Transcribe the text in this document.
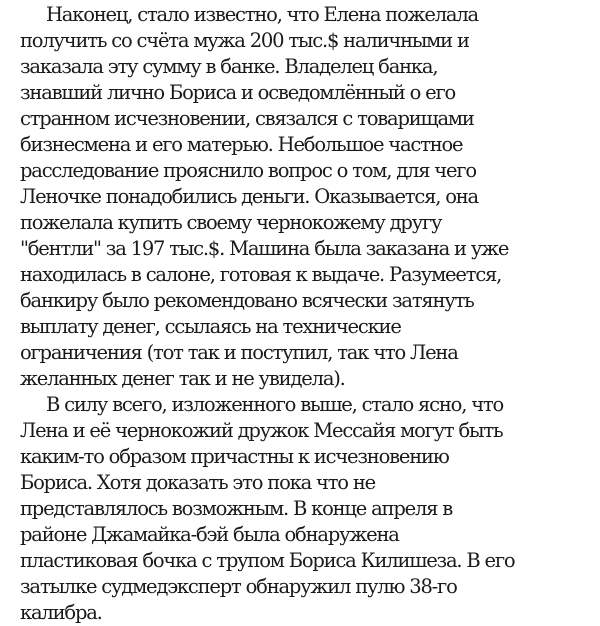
Наконец, стало известно, что Елена пожелала
получить со счёта мужа 200 тыс.$ наличными и
заказала эту сумму в банке. Владелец банка,
знавший лично Бориса и осведомлённый о его
странном исчезновении, связался с товарищами
бизнесмена и его матерью. Небольшое частное
расследование прояснило вопрос о том, для чего
Леночке понадобились деньги. Оказывается, она
пожелала купить своему чернокожему другу
"бентли" за 197 тыс.$. Машина была заказана и уже
находилась в салоне, готовая к выдаче. Разумеется,
банкиру было рекомендовано всячески затянуть
выплату денег, ссылаясь на технические
ограничения (тот так и поступил, так что Лена
желанных денег так и не увидела).
В силу всего, изложенного выше, стало ясно, что
Лена и её чернокожий дружок Мессайя могут быть
каким-то образом причастны к исчезновению
Бориса. Хотя доказать это пока что не
представлялось возможным. В конце апреля в
районе Джамайка-бэй была обнаружена
пластиковая бочка с трупом Бориса Килишеза. В его
затылке судмедэксперт обнаружил пулю 38-го
калибра.
